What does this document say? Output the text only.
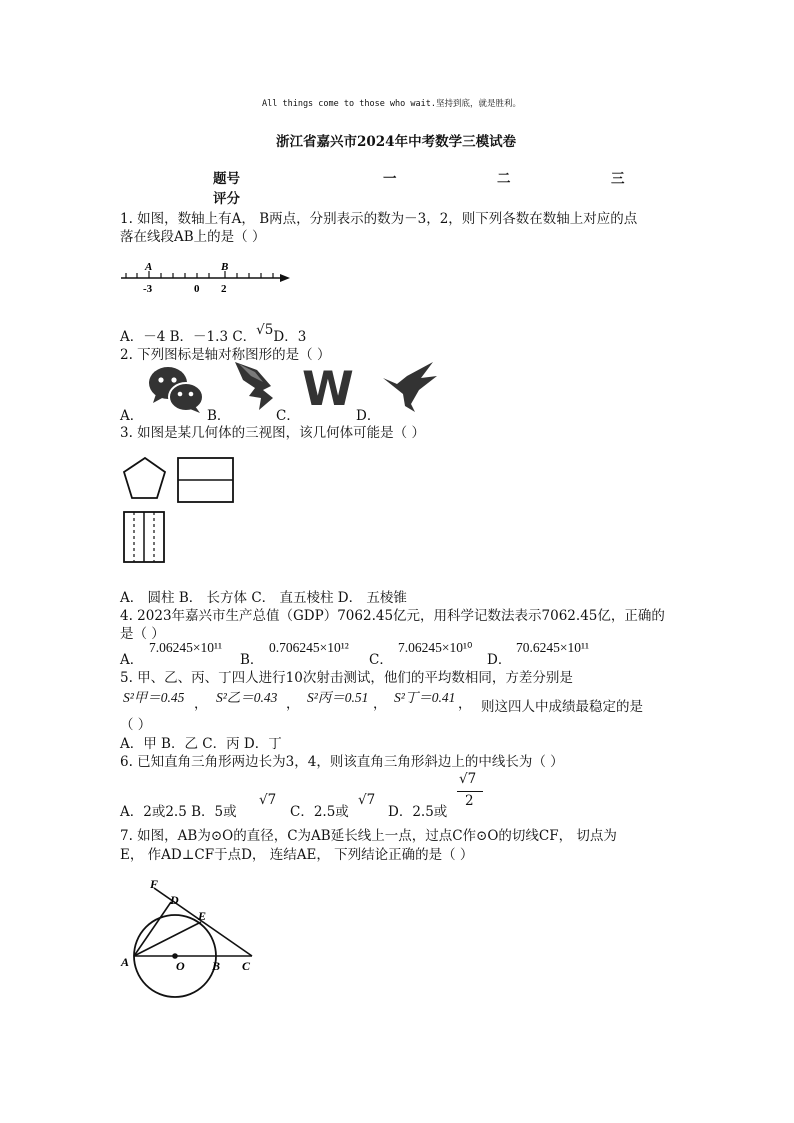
All things come to those who wait.坚持到底，就是胜利。
浙江省嘉兴市2024年中考数学三模试卷
题号	一	二	三
评分
1. 如图，数轴上有A， B两点，分别表示的数为－3，2，则下列各数在数轴上对应的点
落在线段AB上的是（ ）
A	B
-3	0 2
A．－4 B．－1.3 C．√5D．3
2. 下列图标是轴对称图形的是（ ）
A．	B．	C． W D．
3. 如图是某几何体的三视图，该几何体可能是（ ）
A． 圆柱 B． 长方体 C． 直五棱柱 D． 五棱锥
4. 2023年嘉兴市生产总值（GDP）7062.45亿元，用科学记数法表示7062.45亿，正确的
是（ ）
A．
7.06245×10¹¹
B．
0.706245×10¹²
C．
7.06245×10¹⁰
D．
70.6245×10¹¹
5. 甲、乙、丙、丁四人进行10次射击测试，他们的平均数相同，方差分别是
S²甲＝0.45 ， S²乙＝0.43 ， S²丙＝0.51 ， S²丁＝0.41 ， 则这四人中成绩最稳定的是
（ ）
A．甲 B．乙 C．丙 D．丁
6. 已知直角三角形两边长为3，4，则该直角三角形斜边上的中线长为（ ）
A．2或2.5 B．5或
√7
C．2.5或
√7
D．2.5或
√7
2
7. 如图，AB为⊙O的直径，C为AB延长线上一点，过点C作⊙O的切线CF， 切点为
E， 作AD⊥CF于点D， 连结AE， 下列结论正确的是（ ）
F
D
E
A	O B C
